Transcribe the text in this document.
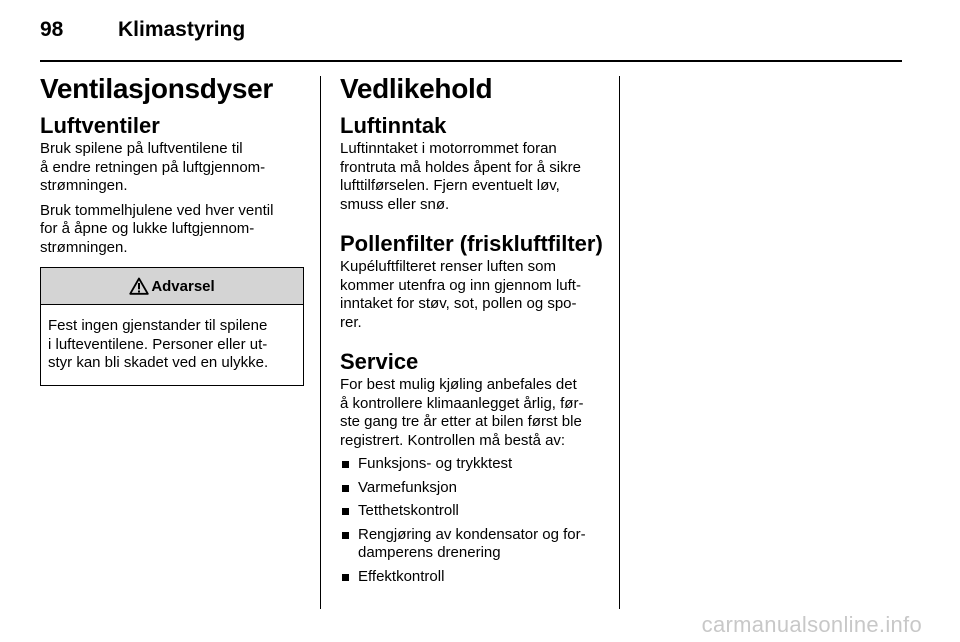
98	Klimastyring
Ventilasjonsdyser
Luftventiler

Bruk spilene på luftventilene til
å endre retningen på luftgjennom-
strømningen.

Bruk tommelhjulene ved hver ventil
for å åpne og lukke luftgjennom-
strømningen.

Advarsel
Fest ingen gjenstander til spilene
i lufteventilene. Personer eller ut-
styr kan bli skadet ved en ulykke.
Vedlikehold
Luftinntak

Luftinntaket i motorrommet foran
frontruta må holdes åpent for å sikre
lufttilførselen. Fjern eventuelt løv,
smuss eller snø.

Pollenfilter (friskluftfilter)

Kupéluftfilteret renser luften som
kommer utenfra og inn gjennom luft-
inntaket for støv, sot, pollen og spo-
rer.

Service

For best mulig kjøling anbefales det
å kontrollere klimaanlegget årlig, før-
ste gang tre år etter at bilen først ble
registrert. Kontrollen må bestå av:

Funksjons- og trykktest
Varmefunksjon
Tetthetskontroll
Rengjøring av kondensator og for-
damperens drenering
Effektkontroll
carmanualsonline.info
